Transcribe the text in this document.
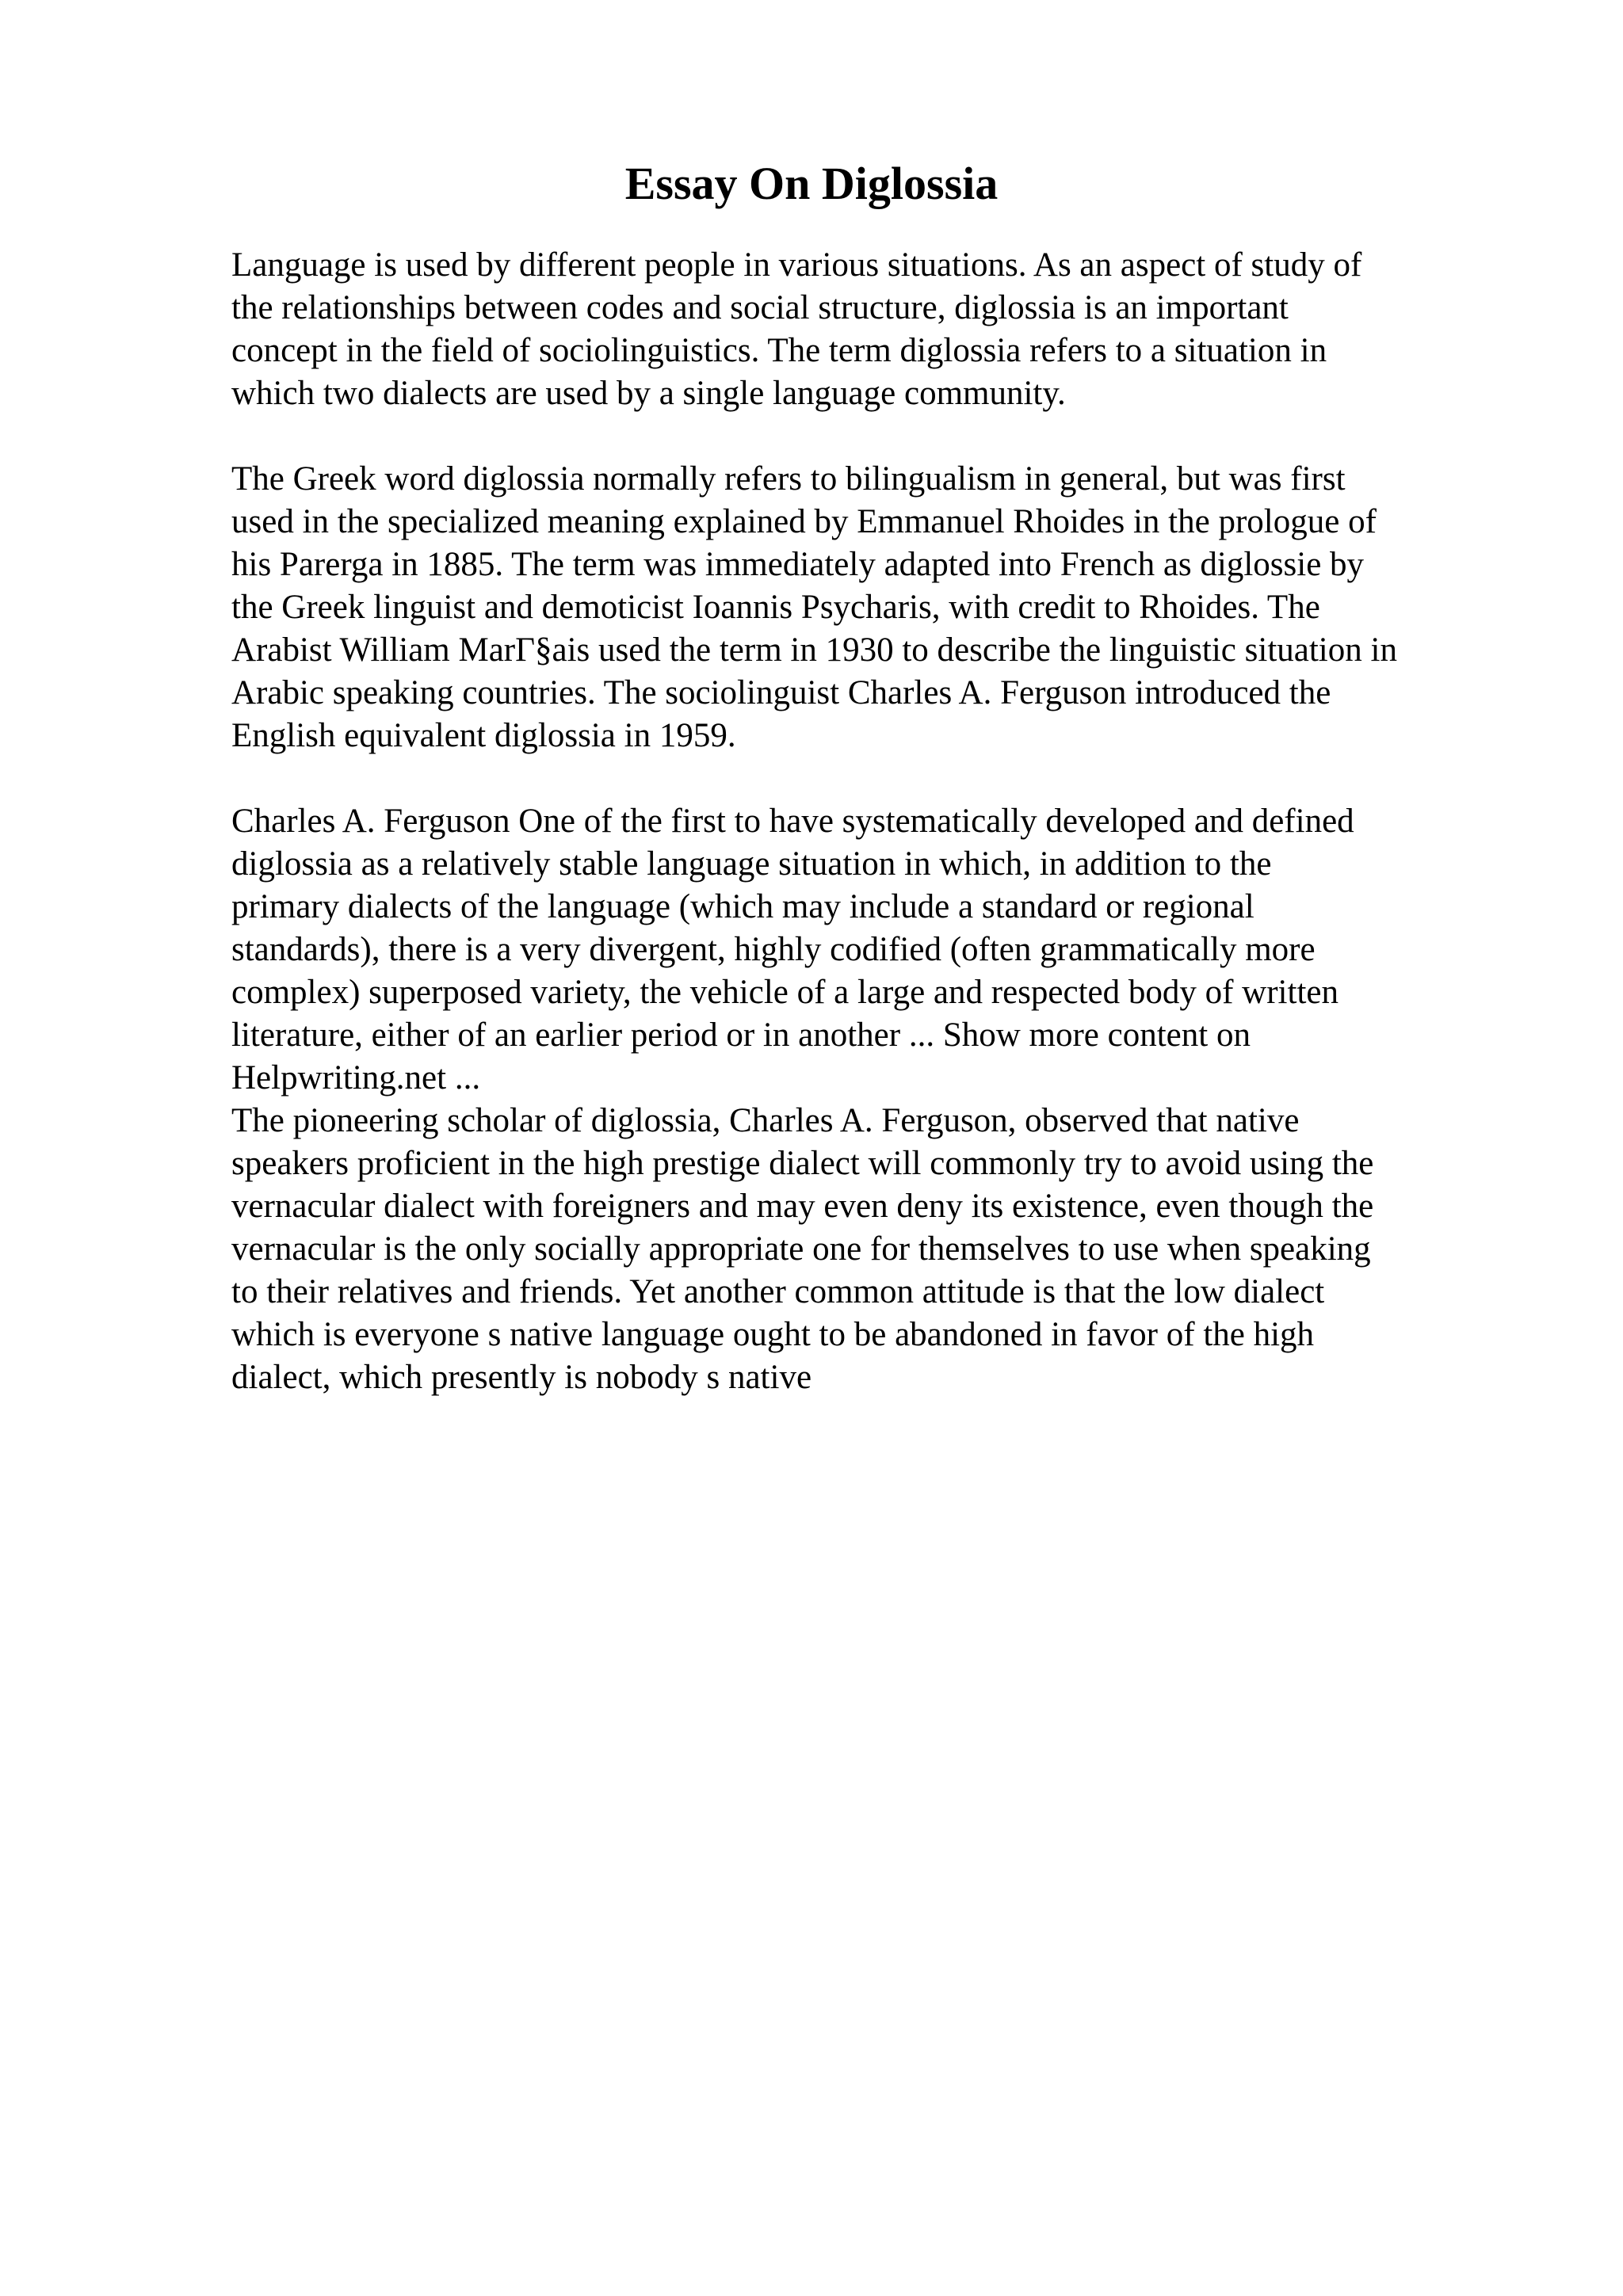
Essay On Diglossia

Language is used by different people in various situations. As an aspect of study of
the relationships between codes and social structure, diglossia is an important
concept in the field of sociolinguistics. The term diglossia refers to a situation in
which two dialects are used by a single language community.

The Greek word diglossia normally refers to bilingualism in general, but was first
used in the specialized meaning explained by Emmanuel Rhoides in the prologue of
his Parerga in 1885. The term was immediately adapted into French as diglossie by
the Greek linguist and demoticist Ioannis Psycharis, with credit to Rhoides. The
Arabist William MarΓ§ais used the term in 1930 to describe the linguistic situation in
Arabic speaking countries. The sociolinguist Charles A. Ferguson introduced the
English equivalent diglossia in 1959.

Charles A. Ferguson One of the first to have systematically developed and defined
diglossia as a relatively stable language situation in which, in addition to the
primary dialects of the language (which may include a standard or regional
standards), there is a very divergent, highly codified (often grammatically more
complex) superposed variety, the vehicle of a large and respected body of written
literature, either of an earlier period or in another ... Show more content on
Helpwriting.net ...

The pioneering scholar of diglossia, Charles A. Ferguson, observed that native
speakers proficient in the high prestige dialect will commonly try to avoid using the
vernacular dialect with foreigners and may even deny its existence, even though the
vernacular is the only socially appropriate one for themselves to use when speaking
to their relatives and friends. Yet another common attitude is that the low dialect
which is everyone s native language ought to be abandoned in favor of the high
dialect, which presently is nobody s native
